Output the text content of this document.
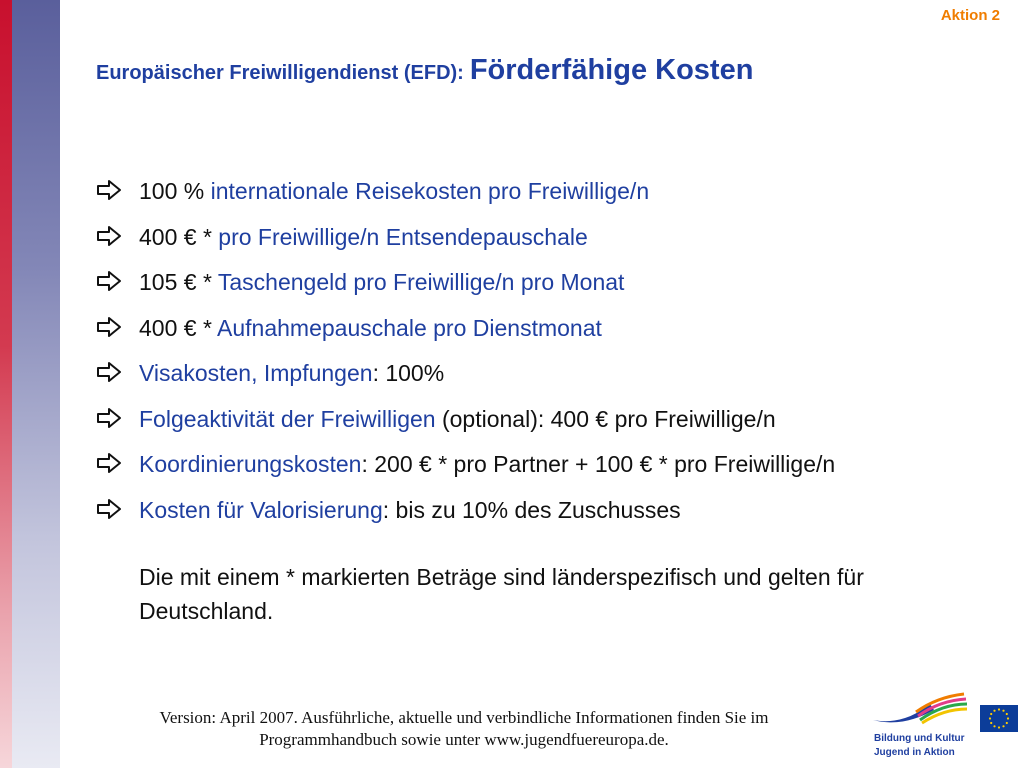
Aktion 2
Europäischer Freiwilligendienst (EFD): Förderfähige Kosten
100 % internationale Reisekosten pro Freiwillige/n
400 € * pro Freiwillige/n Entsendepauschale
105 € * Taschengeld pro Freiwillige/n pro Monat
400 € * Aufnahmepauschale pro Dienstmonat
Visakosten, Impfungen: 100%
Folgeaktivität der Freiwilligen (optional): 400 € pro Freiwillige/n
Koordinierungskosten: 200 € * pro Partner + 100 € * pro Freiwillige/n
Kosten für Valorisierung: bis zu 10% des Zuschusses
Die mit einem * markierten Beträge sind länderspezifisch und gelten für Deutschland.
Version: April 2007. Ausführliche, aktuelle und verbindliche Informationen finden Sie im
Programmhandbuch sowie unter www.jugendfuereuropa.de.	Bildung und Kultur
Jugend in Aktion
